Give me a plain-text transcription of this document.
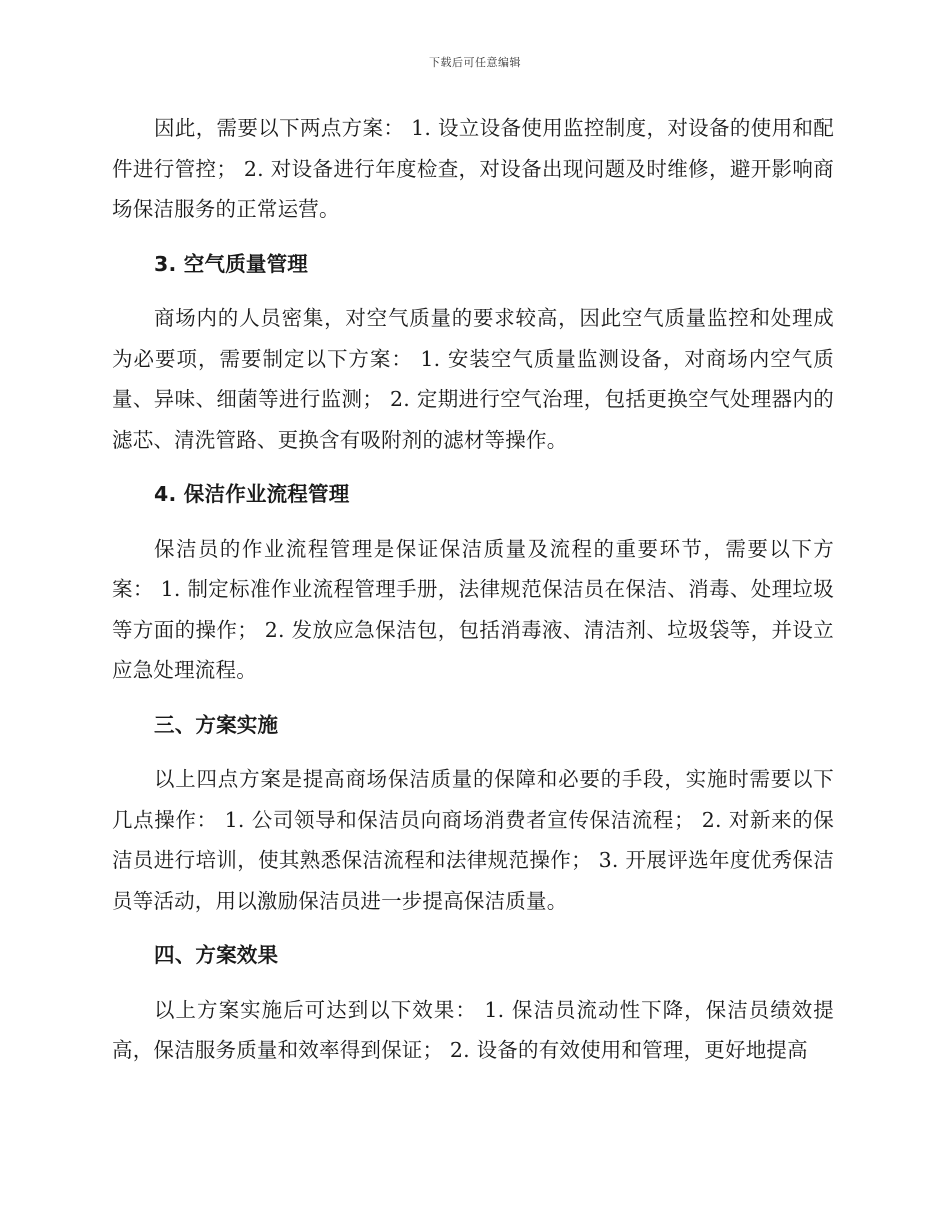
下载后可任意编辑

因此，需要以下两点方案： 1. 设立设备使用监控制度，对设备的使用和配件进行管控； 2. 对设备进行年度检查，对设备出现问题及时维修，避开影响商场保洁服务的正常运营。

3. 空气质量管理

商场内的人员密集，对空气质量的要求较高，因此空气质量监控和处理成为必要项，需要制定以下方案： 1. 安装空气质量监测设备，对商场内空气质量、异味、细菌等进行监测； 2. 定期进行空气治理，包括更换空气处理器内的滤芯、清洗管路、更换含有吸附剂的滤材等操作。

4. 保洁作业流程管理

保洁员的作业流程管理是保证保洁质量及流程的重要环节，需要以下方案： 1. 制定标准作业流程管理手册，法律规范保洁员在保洁、消毒、处理垃圾等方面的操作； 2. 发放应急保洁包，包括消毒液、清洁剂、垃圾袋等，并设立应急处理流程。

三、方案实施

以上四点方案是提高商场保洁质量的保障和必要的手段，实施时需要以下几点操作： 1. 公司领导和保洁员向商场消费者宣传保洁流程； 2. 对新来的保洁员进行培训，使其熟悉保洁流程和法律规范操作； 3. 开展评选年度优秀保洁员等活动，用以激励保洁员进一步提高保洁质量。

四、方案效果

以上方案实施后可达到以下效果： 1. 保洁员流动性下降，保洁员绩效提高，保洁服务质量和效率得到保证； 2. 设备的有效使用和管理，更好地提高
